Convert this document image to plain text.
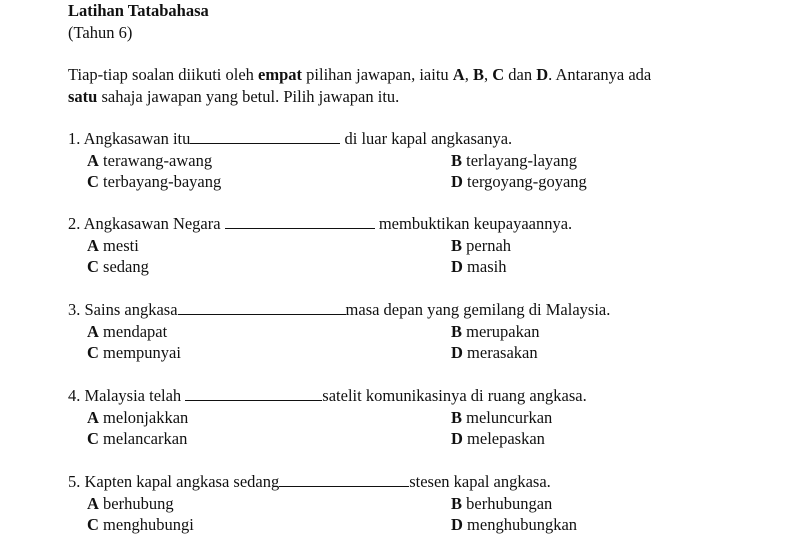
Latihan Tatabahasa

(Tahun 6)

Tiap-tiap soalan diikuti oleh empat pilihan jawapan, iaitu A, B, C dan D. Antaranya ada
satu sahaja jawapan yang betul. Pilih jawapan itu.
1. Angkasawan itu	di luar kapal angkasanya.
A terawang-awang	B terlayang-layang
C terbayang-bayang	D tergoyang-goyang
2. Angkasawan Negara	membuktikan keupayaannya.
A mesti	B pernah
C sedang	D masih
3. Sains angkasa	masa depan yang gemilang di Malaysia.
A mendapat	B merupakan
C mempunyai	D merasakan
4. Malaysia telah	satelit komunikasinya di ruang angkasa.
A melonjakkan	B meluncurkan
C melancarkan	D melepaskan
5. Kapten kapal angkasa sedang	stesen kapal angkasa.
A berhubung	B berhubungan
C menghubungi	D menghubungkan
